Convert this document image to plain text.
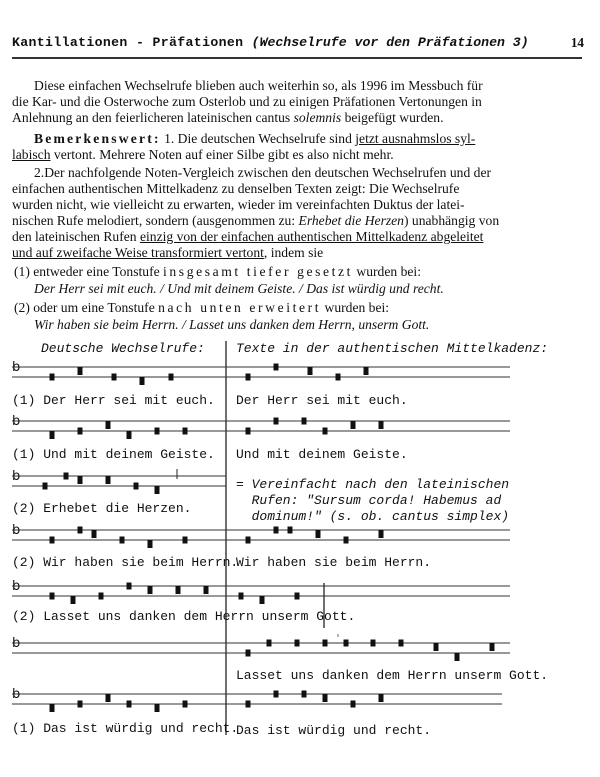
Kantillationen - Präfationen (Wechselrufe vor den Präfationen 3)	14
Diese einfachen Wechselrufe blieben auch weiterhin so, als 1996 im Messbuch für
die Kar- und die Osterwoche zum Osterlob und zu einigen Präfationen Vertonungen in
Anlehnung an den feierlicheren lateinischen cantus solemnis beigefügt wurden.
Bemerkenswert: 1. Die deutschen Wechselrufe sind jetzt ausnahmslos syl-
labisch vertont. Mehrere Noten auf einer Silbe gibt es also nicht mehr.
2.Der nachfolgende Noten-Vergleich zwischen den deutschen Wechselrufen und der
einfachen authentischen Mittelkadenz zu denselben Texten zeigt: Die Wechselrufe
wurden nicht, wie vielleicht zu erwarten, wieder im vereinfachten Duktus der latei-
nischen Rufe melodiert, sondern (ausgenommen zu: Erhebet die Herzen) unabhängig von
den lateinischen Rufen einzig von der einfachen authentischen Mittelkadenz abgeleitet
und auf zweifache Weise transformiert vertont, indem sie
(1) entweder eine Tonstufe insgesamt tiefer gesetzt wurden bei:
Der Herr sei mit euch. / Und mit deinem Geiste. / Das ist würdig und recht.
(2) oder um eine Tonstufe nach unten erweitert wurden bei:
Wir haben sie beim Herrn. / Lasset uns danken dem Herrn, unserm Gott.
Deutsche Wechselrufe: Texte in der authentischen Mittelkadenz:
b
b
b
b
b
b
b
(1) Der Herr sei mit euch. Der Herr sei mit euch.
(1) Und mit deinem Geiste. Und mit deinem Geiste.
(2) Erhebet die Herzen.
= Vereinfacht nach den lateinischen
Rufen: "Sursum corda! Habemus ad
dominum!" (s. ob. cantus simplex)
(2) Wir haben sie beim Herrn.
Wir haben sie beim Herrn.
(2) Lasset uns danken dem Herrn unserm Gott.
Lasset uns danken dem Herrn unserm Gott.
(1) Das ist würdig und recht.
Das ist würdig und recht.
